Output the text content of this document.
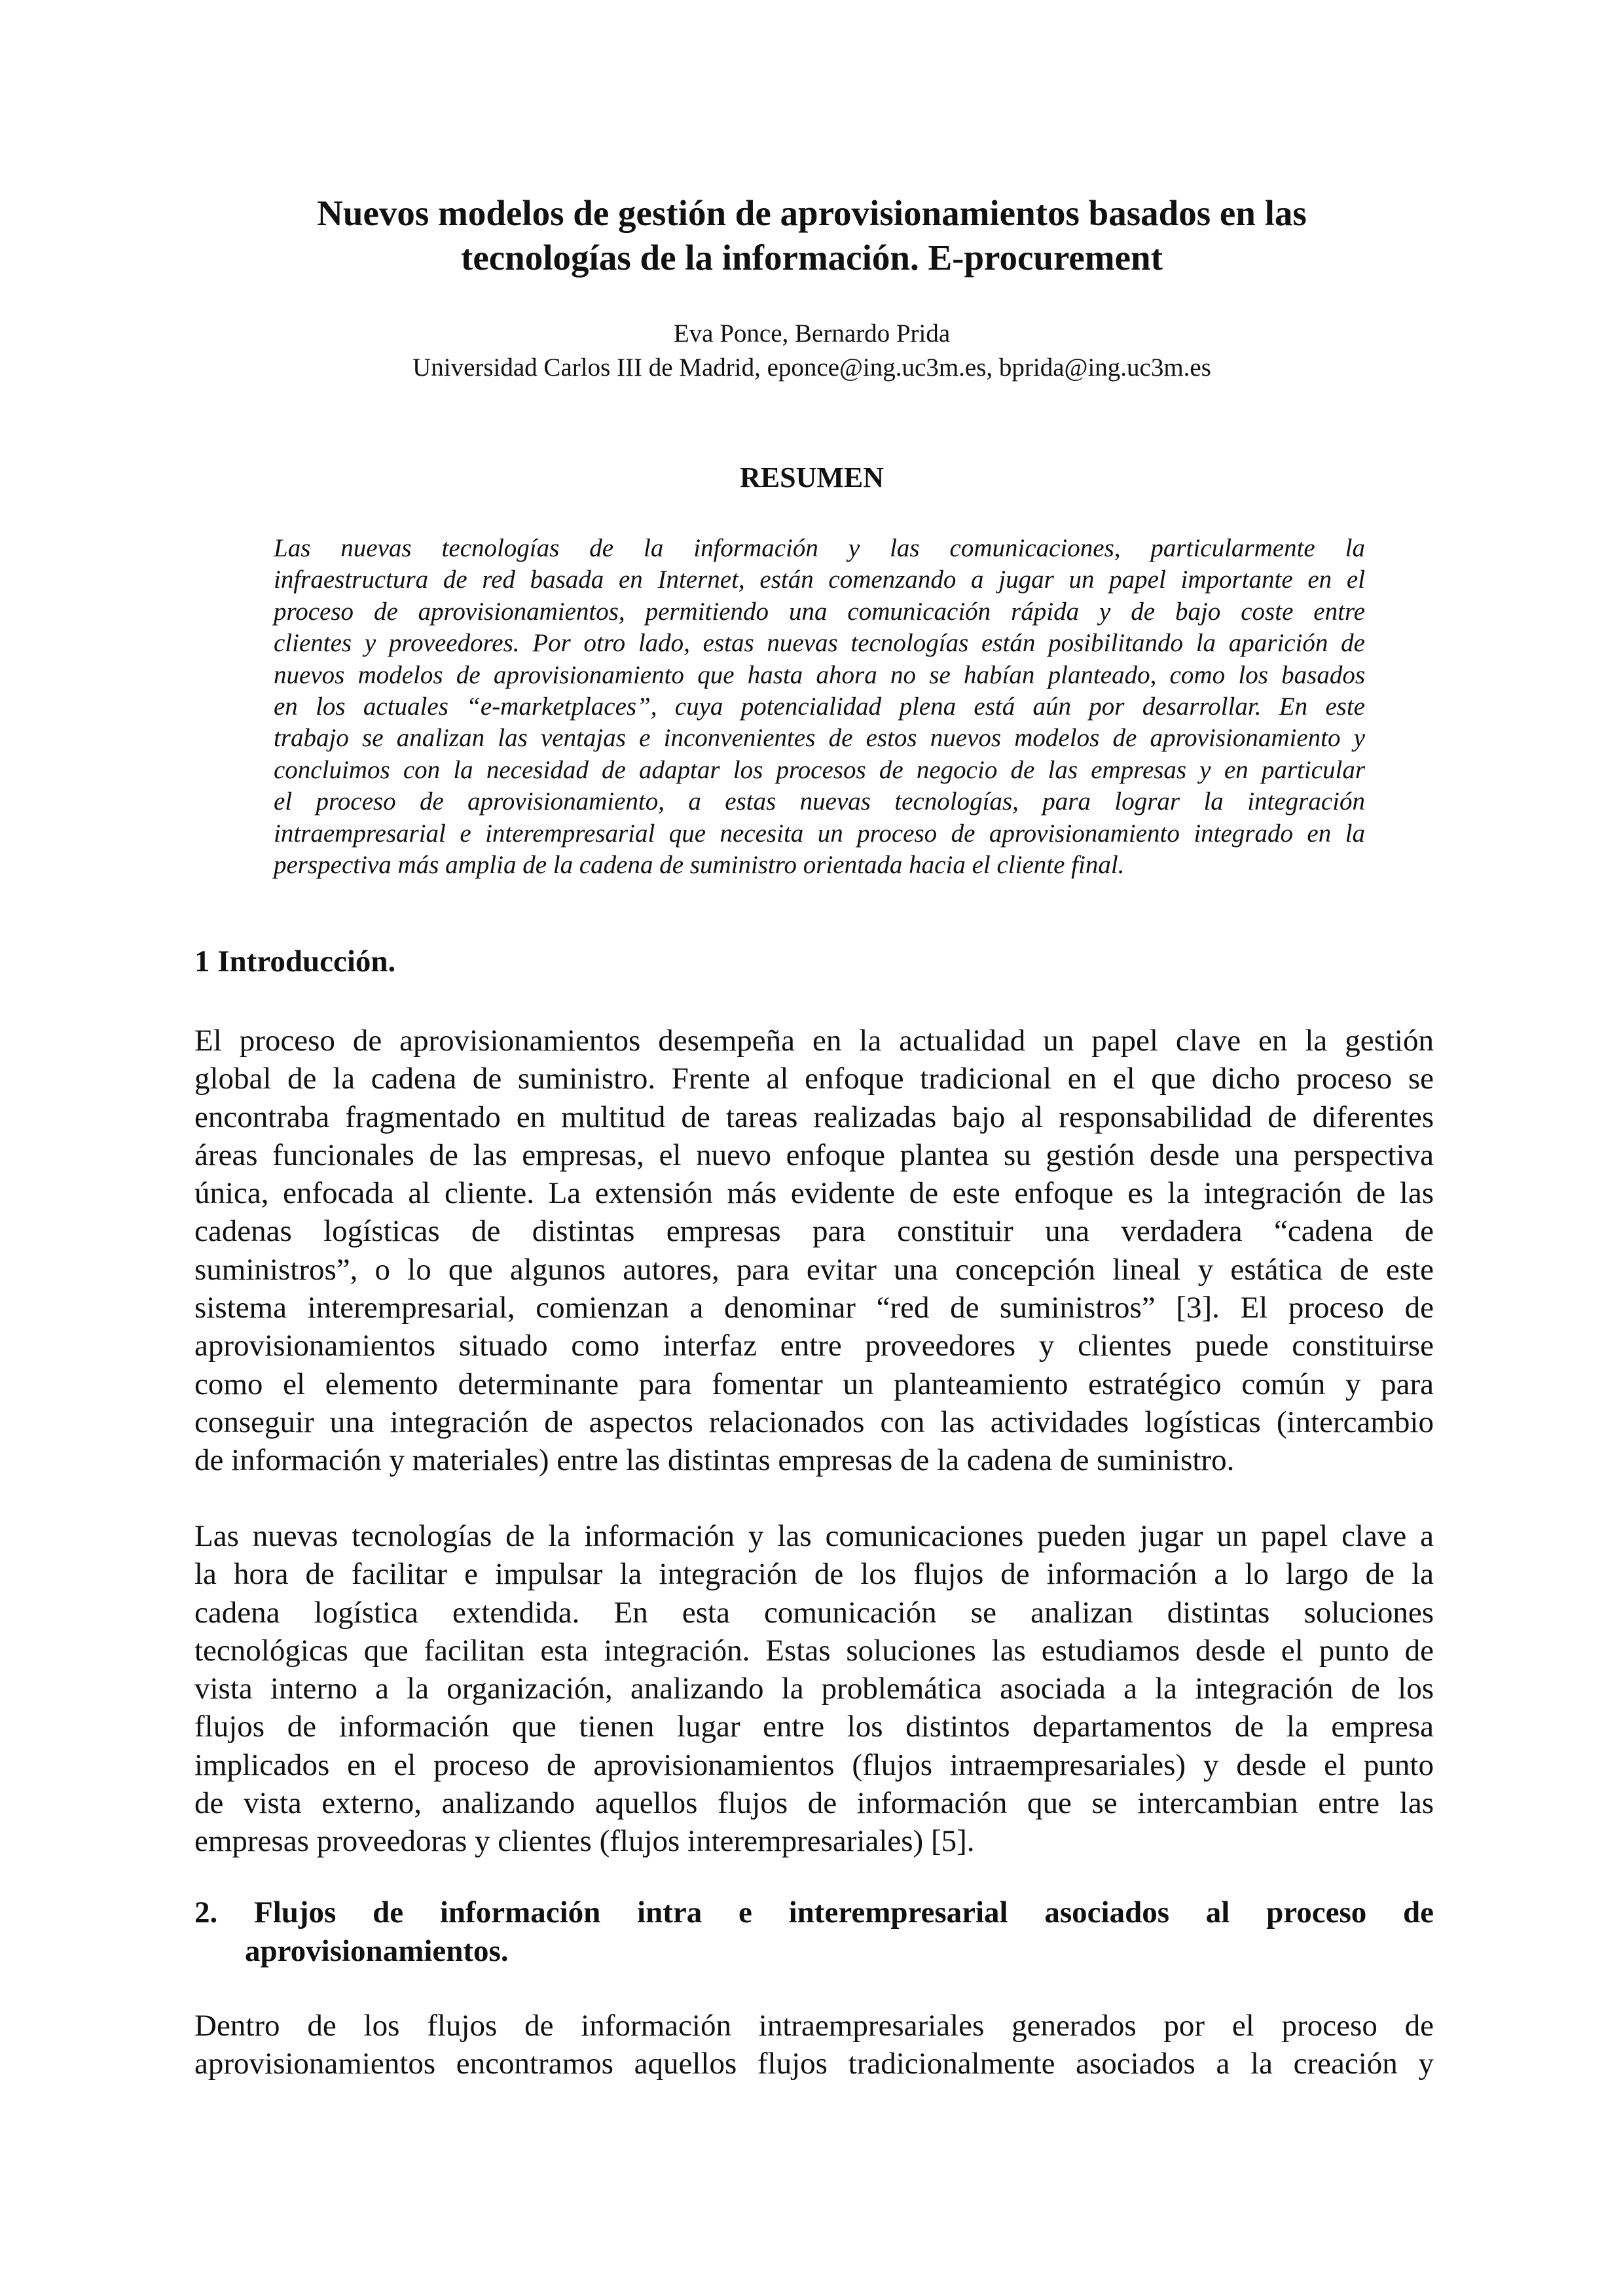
Nuevos modelos de gestión de aprovisionamientos basados en las
tecnologías de la información. E-procurement
Eva Ponce, Bernardo Prida
Universidad Carlos III de Madrid, eponce@ing.uc3m.es, bprida@ing.uc3m.es
RESUMEN
Las nuevas tecnologías de la información y las comunicaciones, particularmente la
infraestructura de red basada en Internet, están comenzando a jugar un papel importante en el
proceso de aprovisionamientos, permitiendo una comunicación rápida y de bajo coste entre
clientes y proveedores. Por otro lado, estas nuevas tecnologías están posibilitando la aparición de
nuevos modelos de aprovisionamiento que hasta ahora no se habían planteado, como los basados
en los actuales “e-marketplaces”, cuya potencialidad plena está aún por desarrollar. En este
trabajo se analizan las ventajas e inconvenientes de estos nuevos modelos de aprovisionamiento y
concluimos con la necesidad de adaptar los procesos de negocio de las empresas y en particular
el proceso de aprovisionamiento, a estas nuevas tecnologías, para lograr la integración
intraempresarial e interempresarial que necesita un proceso de aprovisionamiento integrado en la
perspectiva más amplia de la cadena de suministro orientada hacia el cliente final.
1 Introducción.
El proceso de aprovisionamientos desempeña en la actualidad un papel clave en la gestión
global de la cadena de suministro. Frente al enfoque tradicional en el que dicho proceso se
encontraba fragmentado en multitud de tareas realizadas bajo al responsabilidad de diferentes
áreas funcionales de las empresas, el nuevo enfoque plantea su gestión desde una perspectiva
única, enfocada al cliente. La extensión más evidente de este enfoque es la integración de las
cadenas logísticas de distintas empresas para constituir una verdadera “cadena de
suministros”, o lo que algunos autores, para evitar una concepción lineal y estática de este
sistema interempresarial, comienzan a denominar “red de suministros” [3]. El proceso de
aprovisionamientos situado como interfaz entre proveedores y clientes puede constituirse
como el elemento determinante para fomentar un planteamiento estratégico común y para
conseguir una integración de aspectos relacionados con las actividades logísticas (intercambio
de información y materiales) entre las distintas empresas de la cadena de suministro.
Las nuevas tecnologías de la información y las comunicaciones pueden jugar un papel clave a
la hora de facilitar e impulsar la integración de los flujos de información a lo largo de la
cadena logística extendida. En esta comunicación se analizan distintas soluciones
tecnológicas que facilitan esta integración. Estas soluciones las estudiamos desde el punto de
vista interno a la organización, analizando la problemática asociada a la integración de los
flujos de información que tienen lugar entre los distintos departamentos de la empresa
implicados en el proceso de aprovisionamientos (flujos intraempresariales) y desde el punto
de vista externo, analizando aquellos flujos de información que se intercambian entre las
empresas proveedoras y clientes (flujos interempresariales) [5].
2. Flujos de información intra e interempresarial asociados al proceso de
aprovisionamientos.
Dentro de los flujos de información intraempresariales generados por el proceso de
aprovisionamientos encontramos aquellos flujos tradicionalmente asociados a la creación y
